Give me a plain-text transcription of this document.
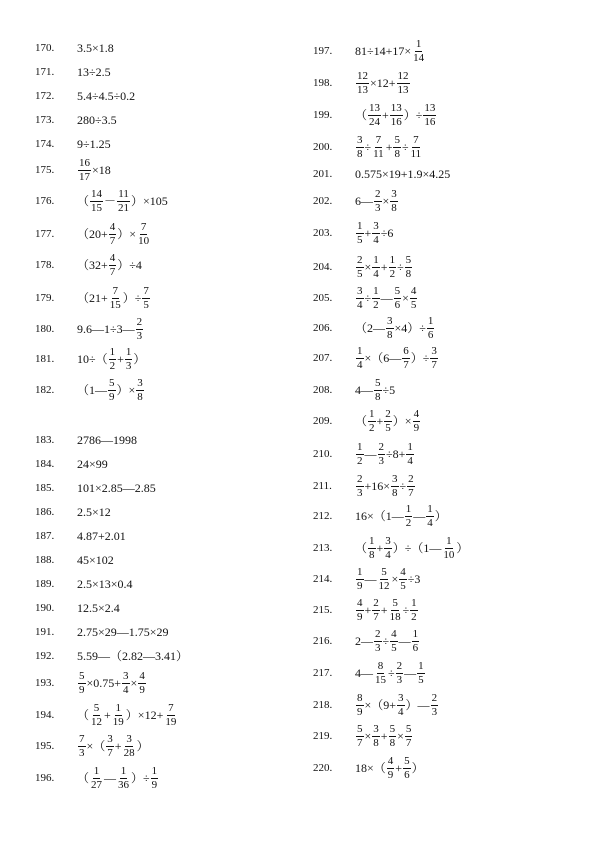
170.	3.5×1.8
171.	13÷2.5
172.	5.4÷4.5÷0.2
173.	280÷3.5
174.	9÷1.25
175.	$\frac{16}{17} \times 18$
176.	（ $\frac{14}{15} - \frac{11}{21} )\times 105$
177.	（$20+ \frac{4}{7}$ ）× $\frac{7}{10}$
178.	$(32+ \frac{4}{7} )\div 4$
179.	（$21+ \frac{7}{15}$ ）÷ $\frac{7}{5}$
180.	9.6—1÷3— $\frac{2}{3}$
181.	$10\div( \frac{1}{2} + \frac{1}{3}$ ）
182.	（1— $\frac{5}{9}$ ）× $\frac{3}{8}$
183.	2786—1998
184.	24×99
185.	101×2.85—2.85
186.	2.5×12
187.	4.87+2.01
188.	45×102
189.	2.5×13×0.4
190.	12.5×2.4
191.	2.75×29—1.75×29
192.	5.59—（2.82—3.41）
193.	$\frac{5}{9} \times 0.75+ \frac{3}{4} \times \frac{4}{9}$
194.	（ $\frac{5}{12} + \frac{1}{19} )\times 12+ \frac{7}{19}$
195.	$\frac{7}{3}$ ×（ $\frac{3}{7} + \frac{3}{28}$ ）
196.	（ $\frac{1}{27}$ — $\frac{1}{36}$ ）÷ $\frac{1}{9}$
197.	$81\div 14+17\times \frac{1}{14}$
198.	$\frac{12}{13} \times 12+ \frac{12}{13}$
199.	（ $\frac{13}{24} + \frac{13}{16}$ ）÷ $\frac{13}{16}$
200.	$\frac{3}{8} \div \frac{7}{11} + \frac{5}{8} \div \frac{7}{11}$
201.	0.575×19+1.9×4.25
202.	6— $\frac{2}{3} \times \frac{3}{8}$
203.	$\frac{1}{5} + \frac{3}{4} \div 6$
204.	$\frac{2}{5} \times \frac{1}{4} + \frac{1}{2} \div \frac{5}{8}$
205.	$\frac{3}{4} \div \frac{1}{2}$ — $\frac{5}{6} \times \frac{4}{5}$
206.	（2— $\frac{3}{8} \times 4)\div \frac{1}{6}$
207.	$\frac{1}{4}$ ×（6— $\frac{6}{7}$ ）÷ $\frac{3}{7}$
208.	4— $\frac{5}{8} \div 5$
209.	（ $\frac{1}{2} + \frac{2}{5}$ ）× $\frac{4}{9}$
210.	$\frac{1}{2}$ — $\frac{2}{3} \div 8+ \frac{1}{4}$
211.	$\frac{2}{3} +16\times \frac{3}{8} \div \frac{2}{7}$
212.	16×（1— $\frac{1}{2}$ — $\frac{1}{4}$ ）
213.	（ $\frac{1}{8} + \frac{3}{4}$ ）÷（1— $\frac{1}{10}$ ）
214.	$\frac{1}{9}$ — $\frac{5}{12} \times \frac{4}{5} \div 3$
215.	$\frac{4}{9} + \frac{2}{7} + \frac{5}{18} \div \frac{1}{2}$
216.	2— $\frac{2}{3} \div \frac{4}{5}$ — $\frac{1}{6}$
217.	4— $\frac{8}{15} \div \frac{2}{3}$ — $\frac{1}{5}$
218.	$\frac{8}{9} \times(9+ \frac{3}{4}$ ）— $\frac{2}{3}$
219.	$\frac{5}{7} \times \frac{3}{8} + \frac{5}{8} \times \frac{5}{7}$
220.	$18\times( \frac{4}{9} + \frac{5}{6}$ ）
